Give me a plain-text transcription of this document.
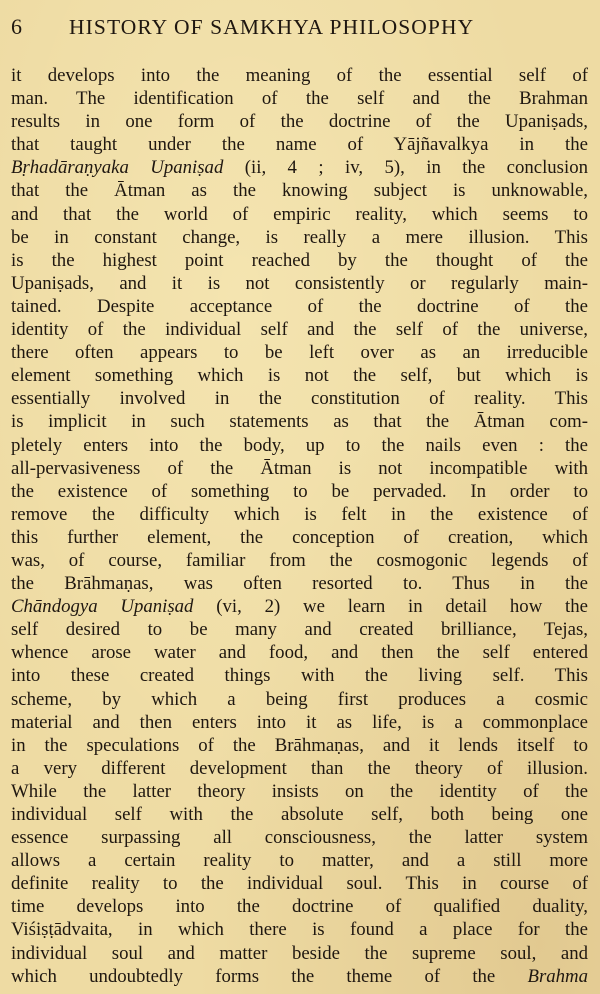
6	HISTORY OF SAMKHYA PHILOSOPHY
it develops into the meaning of the essential self of
man. The identification of the self and the Brahman
results in one form of the doctrine of the Upaniṣads,
that taught under the name of Yājñavalkya in the
Bṛhadāraṇyaka Upaniṣad (ii, 4 ; iv, 5), in the conclusion
that the Ātman as the knowing subject is unknowable,
and that the world of empiric reality, which seems to
be in constant change, is really a mere illusion. This
is the highest point reached by the thought of the
Upaniṣads, and it is not consistently or regularly main-
tained. Despite acceptance of the doctrine of the
identity of the individual self and the self of the universe,
there often appears to be left over as an irreducible
element something which is not the self, but which is
essentially involved in the constitution of reality. This
is implicit in such statements as that the Ātman com-
pletely enters into the body, up to the nails even : the
all-pervasiveness of the Ātman is not incompatible with
the existence of something to be pervaded. In order to
remove the difficulty which is felt in the existence of
this further element, the conception of creation, which
was, of course, familiar from the cosmogonic legends of
the Brāhmaṇas, was often resorted to. Thus in the
Chāndogya Upaniṣad (vi, 2) we learn in detail how the
self desired to be many and created brilliance, Tejas,
whence arose water and food, and then the self entered
into these created things with the living self. This
scheme, by which a being first produces a cosmic
material and then enters into it as life, is a commonplace
in the speculations of the Brāhmaṇas, and it lends itself to
a very different development than the theory of illusion.
While the latter theory insists on the identity of the
individual self with the absolute self, both being one
essence surpassing all consciousness, the latter system
allows a certain reality to matter, and a still more
definite reality to the individual soul. This in course of
time develops into the doctrine of qualified duality,
Viśiṣṭādvaita, in which there is found a place for the
individual soul and matter beside the supreme soul, and
which undoubtedly forms the theme of the Brahma
